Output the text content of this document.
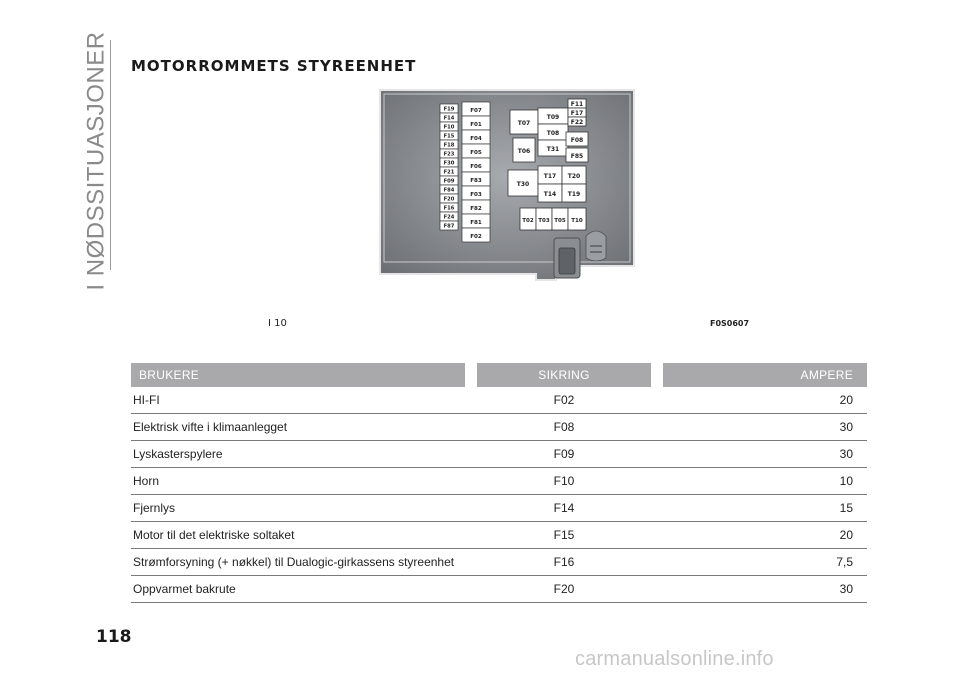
I NØDSSITUASJONER MOTORROMMETS STYREENHET
F19
F14
F10
F15
F18
F23
F30
F21
F09
F84
F20
F16
F24
F87
F07
F01
F04
F05
F06
F83
F03
F82
F81
F02
T07
T09
T08
T06	T31
F11
F17
F22
F08
F85
T30
T17 T20
T14 T19
T02 T03 T05 T10
I 10	F0S0607
BRUKERE	SIKRING	AMPERE
HI-FI	F02	20
Elektrisk vifte i klimaanlegget	F08	30
Lyskasterspylere	F09	30
Horn	F10	10
Fjernlys	F14	15
Motor til det elektriske soltaket	F15	20
Strømforsyning (+ nøkkel) til Dualogic-girkassens styreenhet	F16	7,5
Oppvarmet bakrute	F20	30
118
carmanualsonline.info
